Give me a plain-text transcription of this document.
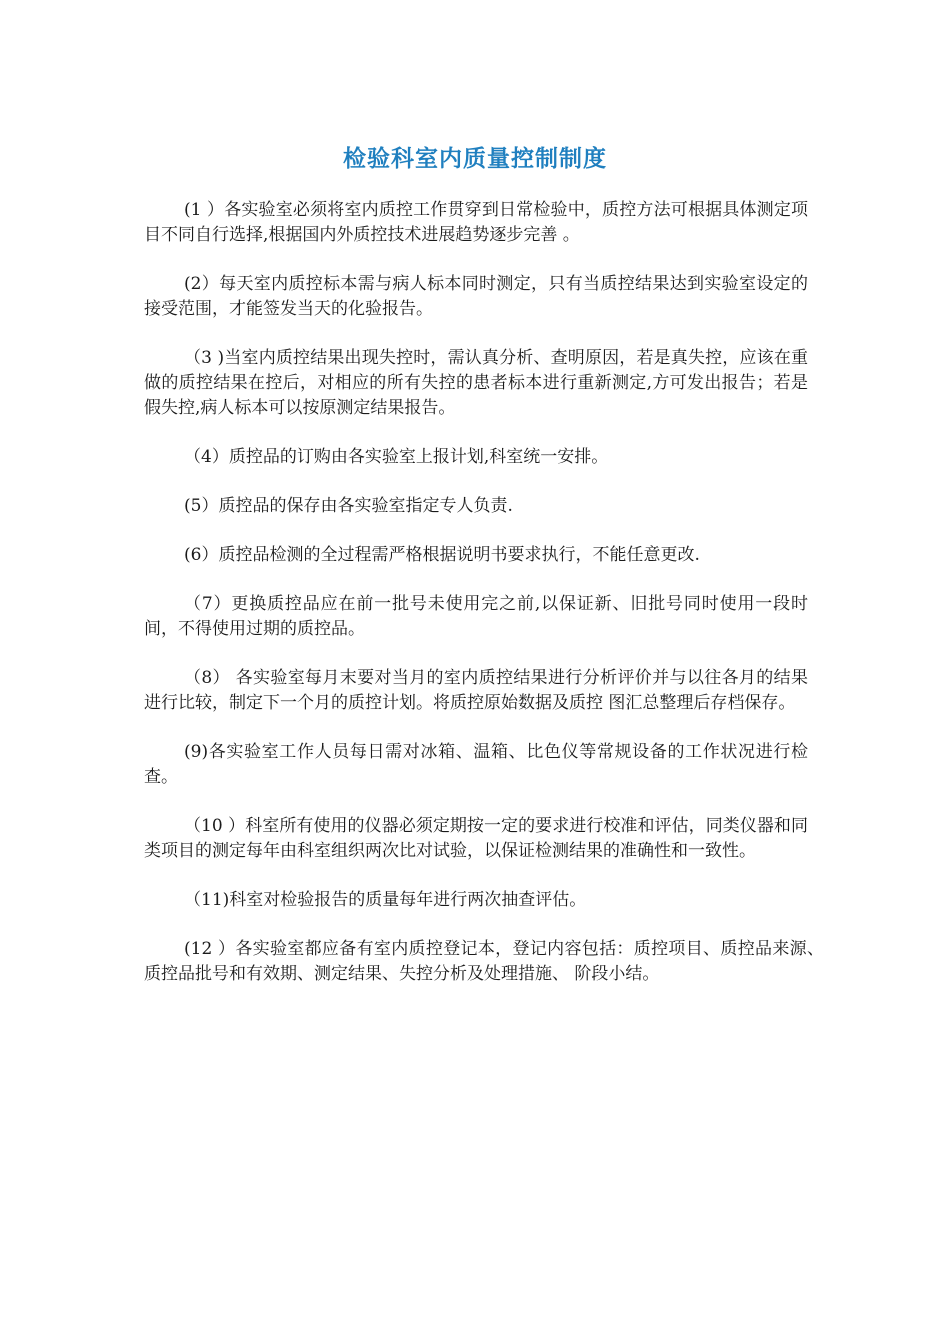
检验科室内质量控制制度

(1 ）各实验室必须将室内质控工作贯穿到日常检验中，质控方法可根据具体测定项目不同自行选择,根据国内外质控技术进展趋势逐步完善 。

(2）每天室内质控标本需与病人标本同时测定，只有当质控结果达到实验室设定的接受范围，才能签发当天的化验报告。

（3 )当室内质控结果出现失控时，需认真分析、查明原因，若是真失控，应该在重做的质控结果在控后，对相应的所有失控的患者标本进行重新测定,方可发出报告；若是假失控,病人标本可以按原测定结果报告。

（4）质控品的订购由各实验室上报计划,科室统一安排。

(5）质控品的保存由各实验室指定专人负责.

(6）质控品检测的全过程需严格根据说明书要求执行，不能任意更改.

（7）更换质控品应在前一批号未使用完之前,以保证新、旧批号同时使用一段时间，不得使用过期的质控品。

（8） 各实验室每月末要对当月的室内质控结果进行分析评价并与以往各月的结果进行比较，制定下一个月的质控计划。将质控原始数据及质控 图汇总整理后存档保存。

(9)各实验室工作人员每日需对冰箱、温箱、比色仪等常规设备的工作状况进行检查。

（10 ）科室所有使用的仪器必须定期按一定的要求进行校准和评估，同类仪器和同类项目的测定每年由科室组织两次比对试验，以保证检测结果的准确性和一致性。

（11)科室对检验报告的质量每年进行两次抽查评估。

(12 ）各实验室都应备有室内质控登记本，登记内容包括：质控项目、质控品来源、质控品批号和有效期、测定结果、失控分析及处理措施、 阶段小结。
